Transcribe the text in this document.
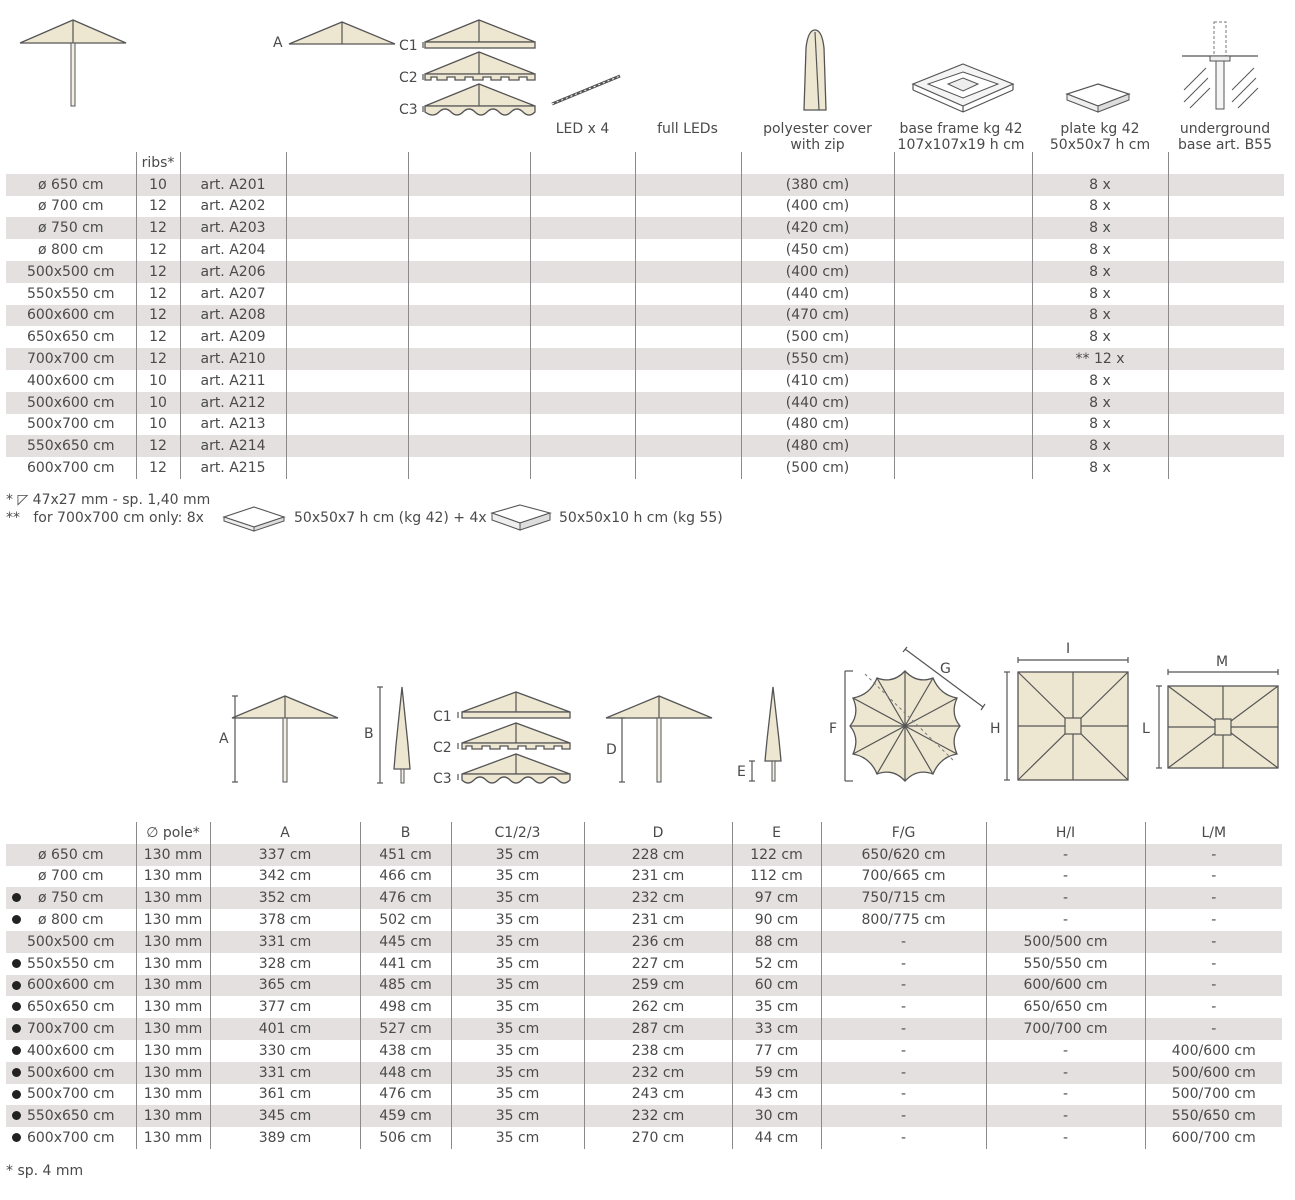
A	C1
C2
C3
LED x 4	full LEDs	polyester cover
with zip
base frame kg 42
107x107x19 h cm
plate kg 42
50x50x7 h cm
underground
base art. B55
	ribs*									
ø 650 cm	10	art. A201					(380 cm)		8 x	
ø 700 cm	12	art. A202					(400 cm)		8 x	
ø 750 cm	12	art. A203					(420 cm)		8 x	
ø 800 cm	12	art. A204					(450 cm)		8 x	
500x500 cm	12	art. A206					(400 cm)		8 x	
550x550 cm	12	art. A207					(440 cm)		8 x	
600x600 cm	12	art. A208					(470 cm)		8 x	
650x650 cm	12	art. A209					(500 cm)		8 x	
700x700 cm	12	art. A210					(550 cm)		** 12 x	
400x600 cm	10	art. A211					(410 cm)		8 x	
500x600 cm	10	art. A212					(440 cm)		8 x	
500x700 cm	10	art. A213					(480 cm)		8 x	
550x650 cm	12	art. A214					(480 cm)		8 x	
600x700 cm	12	art. A215					(500 cm)		8 x	
* ◸ 47x27 mm - sp. 1,40 mm
**   for 700x700 cm only: 8x	50x50x7 h cm (kg 42) + 4x	50x50x10 h cm (kg 55)
A	B
C1
C2
C3
D
E
F
G
H
I
L
M
	∅ pole*	A	B	C1/2/3	D	E	F/G	H/I	L/M
ø 650 cm	130 mm	337 cm	451 cm	35 cm	228 cm	122 cm	650/620 cm	-	-
ø 700 cm	130 mm	342 cm	466 cm	35 cm	231 cm	112 cm	700/665 cm	-	-

ø 750 cm	130 mm	352 cm	476 cm	35 cm	232 cm	97 cm	750/715 cm	-	-

ø 800 cm	130 mm	378 cm	502 cm	35 cm	231 cm	90 cm	800/775 cm	-	-
500x500 cm	130 mm	331 cm	445 cm	35 cm	236 cm	88 cm	-	500/500 cm	-

550x550 cm	130 mm	328 cm	441 cm	35 cm	227 cm	52 cm	-	550/550 cm	-

600x600 cm	130 mm	365 cm	485 cm	35 cm	259 cm	60 cm	-	600/600 cm	-

650x650 cm	130 mm	377 cm	498 cm	35 cm	262 cm	35 cm	-	650/650 cm	-

700x700 cm	130 mm	401 cm	527 cm	35 cm	287 cm	33 cm	-	700/700 cm	-

400x600 cm	130 mm	330 cm	438 cm	35 cm	238 cm	77 cm	-	-	400/600 cm

500x600 cm	130 mm	331 cm	448 cm	35 cm	232 cm	59 cm	-	-	500/600 cm

500x700 cm	130 mm	361 cm	476 cm	35 cm	243 cm	43 cm	-	-	500/700 cm

550x650 cm	130 mm	345 cm	459 cm	35 cm	232 cm	30 cm	-	-	550/650 cm

600x700 cm	130 mm	389 cm	506 cm	35 cm	270 cm	44 cm	-	-	600/700 cm
* sp. 4 mm
